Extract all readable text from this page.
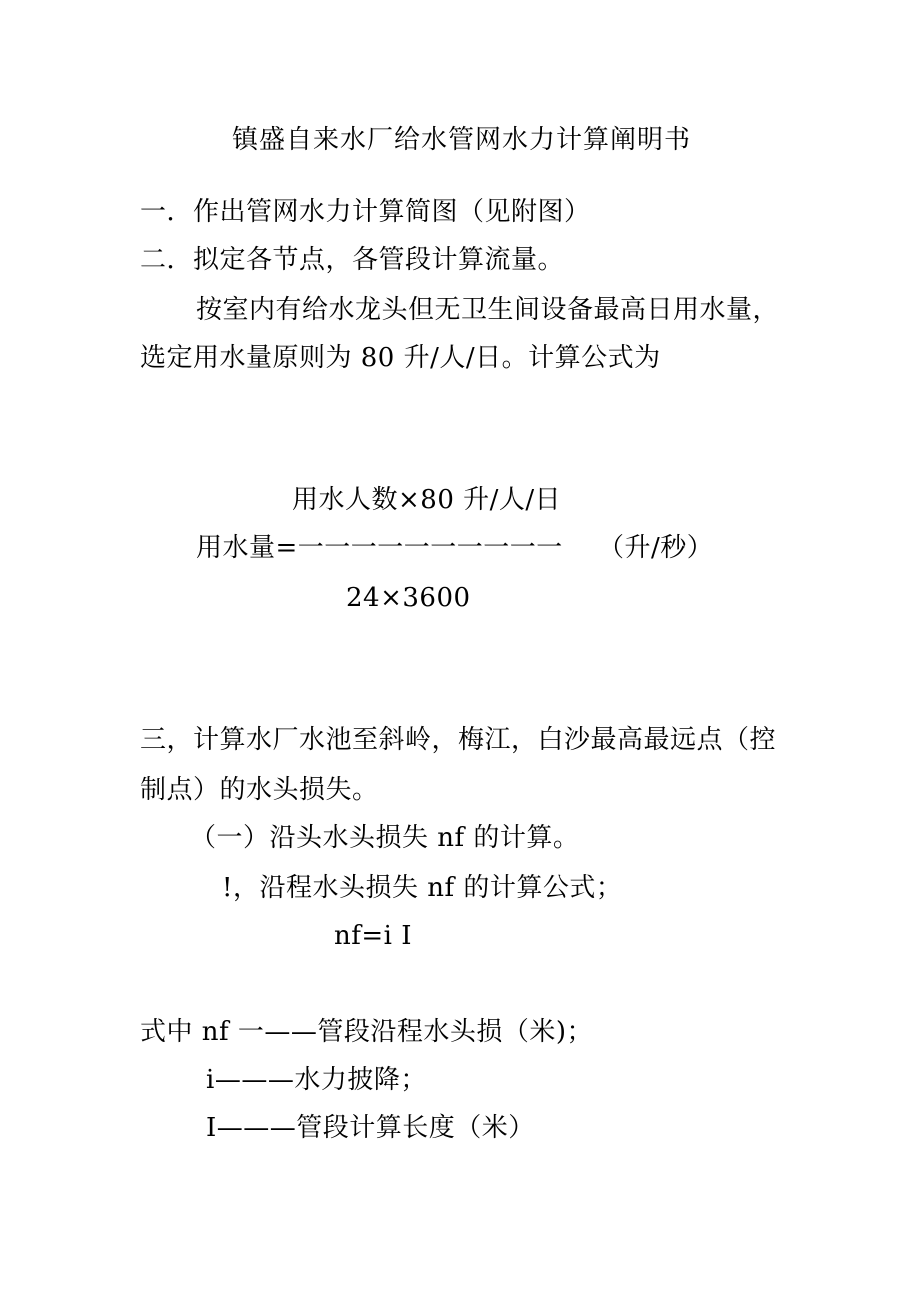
镇盛自来水厂给水管网水力计算阐明书
一．作出管网水力计算简图（见附图）
二．拟定各节点，各管段计算流量。
按室内有给水龙头但无卫生间设备最高日用水量，
选定用水量原则为 80 升/人/日。计算公式为
用水人数×80 升/人/日
用水量=一一一一一一一一一一 （升/秒）
24×3600
三，计算水厂水池至斜岭，梅江，白沙最高最远点（控
制点）的水头损失。
（一）沿头水头损失 nf 的计算。
!，沿程水头损失 nf 的计算公式；
nf=i I
式中 nf 一——管段沿程水头损（米)；
i———水力披降；
I———管段计算长度（米）
